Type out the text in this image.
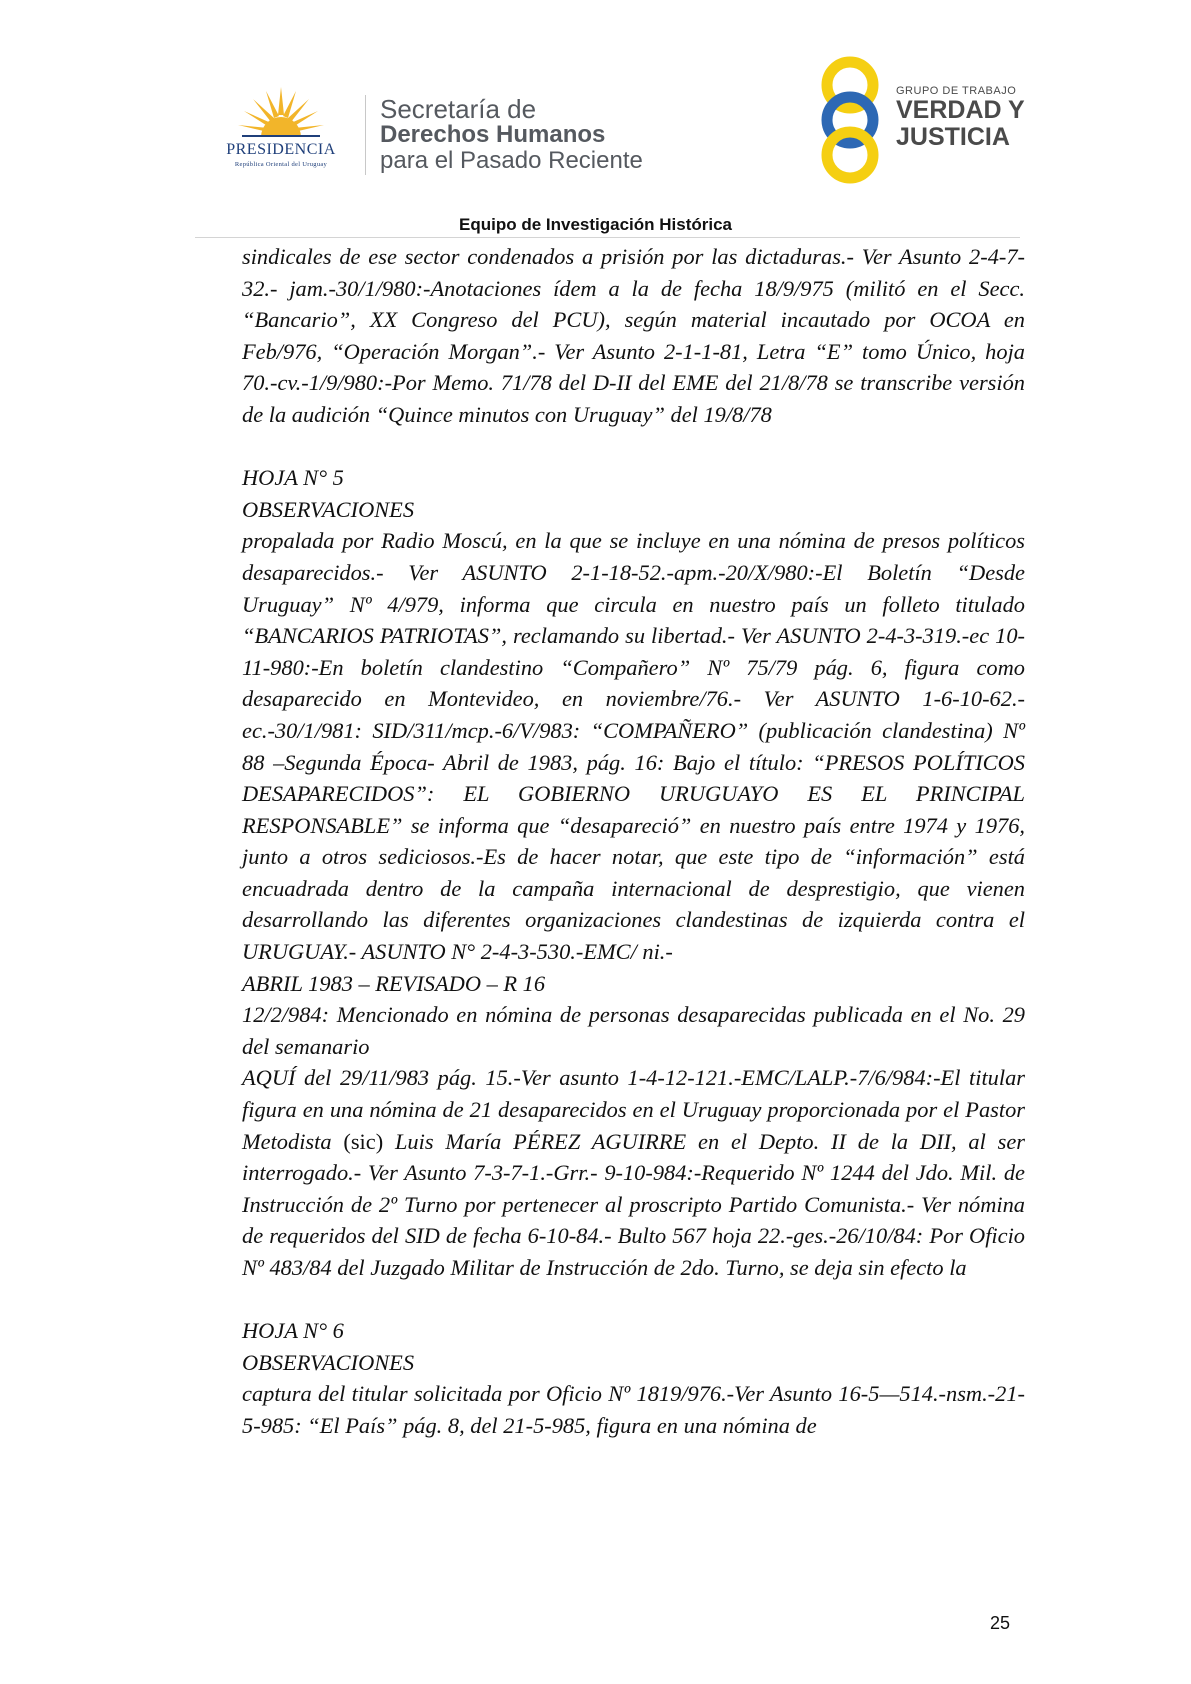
PRESIDENCIA
República Oriental del Uruguay
Secretaría de
Derechos Humanos
para el Pasado Reciente
GRUPO DE TRABAJO
VERDAD Y
JUSTICIA
Equipo de Investigación Histórica

sindicales de ese sector condenados a prisión por las dictaduras.- Ver Asunto 2-4-7-32.- jam.-30/1/980:-Anotaciones ídem a la de fecha 18/9/975 (militó en el Secc. “Bancario”, XX Congreso del PCU), según material incautado por OCOA en Feb/976, “Operación Morgan”.- Ver Asunto 2-1-1-81, Letra “E” tomo Único, hoja 70.-cv.-1/9/980:-Por Memo. 71/78 del D-II del EME del 21/8/78 se transcribe versión de la audición “Quince minutos con Uruguay” del 19/8/78

HOJA N° 5

OBSERVACIONES

propalada por Radio Moscú, en la que se incluye en una nómina de presos políticos desaparecidos.- Ver ASUNTO 2-1-18-52.-apm.-20/X/980:-El Boletín “Desde Uruguay” Nº 4/979, informa que circula en nuestro país un folleto titulado “BANCARIOS PATRIOTAS”, reclamando su libertad.- Ver ASUNTO 2-4-3-319.-ec 10-11-980:-En boletín clandestino “Compañero” Nº 75/79 pág. 6, figura como desaparecido en Montevideo, en noviembre/76.- Ver ASUNTO 1-6-10-62.-ec.-30/1/981: SID/311/mcp.-6/V/983: “COMPAÑERO” (publicación clandestina) Nº 88 –Segunda Época- Abril de 1983, pág. 16: Bajo el título: “PRESOS POLÍTICOS DESAPARECIDOS”: EL GOBIERNO URUGUAYO ES EL PRINCIPAL RESPONSABLE” se informa que “desapareció” en nuestro país entre 1974 y 1976, junto a otros sediciosos.-Es de hacer notar, que este tipo de “información” está encuadrada dentro de la campaña internacional de desprestigio, que vienen desarrollando las diferentes organizaciones clandestinas de izquierda contra el URUGUAY.- ASUNTO N° 2-4-3-530.-EMC/ ni.-

ABRIL 1983 – REVISADO – R 16

12/2/984: Mencionado en nómina de personas desaparecidas publicada en el No. 29 del semanario

AQUÍ del 29/11/983 pág. 15.-Ver asunto 1-4-12-121.-EMC/LALP.-7/6/984:-El titular figura en una nómina de 21 desaparecidos en el Uruguay proporcionada por el Pastor Metodista (sic) Luis María PÉREZ AGUIRRE en el Depto. II de la DII, al ser interrogado.- Ver Asunto 7-3-7-1.-Grr.- 9-10-984:-Requerido Nº 1244 del Jdo. Mil. de Instrucción de 2º Turno por pertenecer al proscripto Partido Comunista.- Ver nómina de requeridos del SID de fecha 6-10-84.- Bulto 567 hoja 22.-ges.-26/10/84: Por Oficio Nº 483/84 del Juzgado Militar de Instrucción de 2do. Turno, se deja sin efecto la

HOJA N° 6

OBSERVACIONES

captura del titular solicitada por Oficio Nº 1819/976.-Ver Asunto 16-5—514.-nsm.-21-5-985: “El País” pág. 8, del 21-5-985, figura en una nómina de

25
